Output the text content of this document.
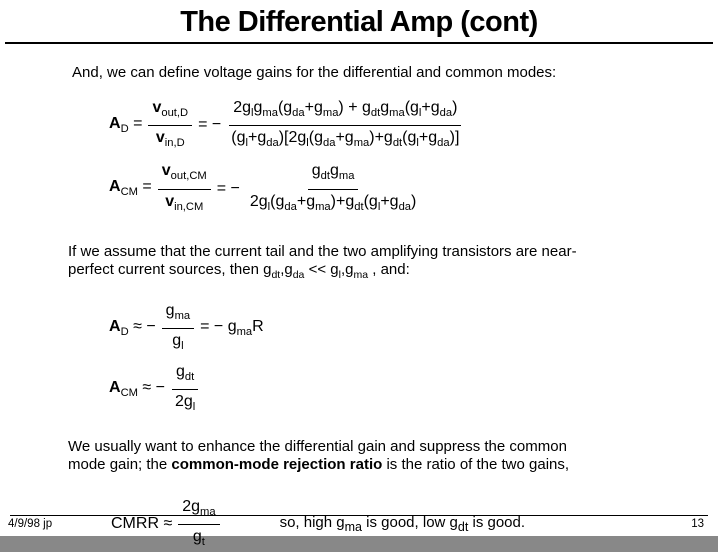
The Differential Amp (cont)

And, we can define voltage gains for the differential and common modes:

$A_D = \frac{v_{out,D}}{v_{in,D}}$ = − $\frac{2g_lg_{ma}(g_{da}+g_{ma}) + g_{dt}g_{ma}(g_l+g_{da})}{(g_l+g_{da})[2g_l(g_{da}+g_{ma})+g_{dt}(g_l+g_{da})]}$
$A_{CM} = \frac{v_{out,CM}}{v_{in,CM}}$ = − $\frac{g_{dt}g_{ma}}{2g_l(g_{da}+g_{ma})+g_{dt}(g_l+g_{da})}$

If we assume that the current tail and the two amplifying transistors are near-
perfect current sources, then $g_{dt},g_{da} << g_l,g_{ma}$ , and:

$A_D$ ≈ − $\frac{g_{ma}}{g_l}$ = − $g_{ma}R$
$A_{CM}$ ≈ − $\frac{g_{dt}}{2g_l}$

We usually want to enhance the differential gain and suppress the common
mode gain; the common-mode rejection ratio is the ratio of the two gains,

CMRR ≈ $\frac{2g_{ma}}{g_t}$	so, high $g_{ma}$ is good, low $g_{dt}$ is good.
4/9/98 jp	13
